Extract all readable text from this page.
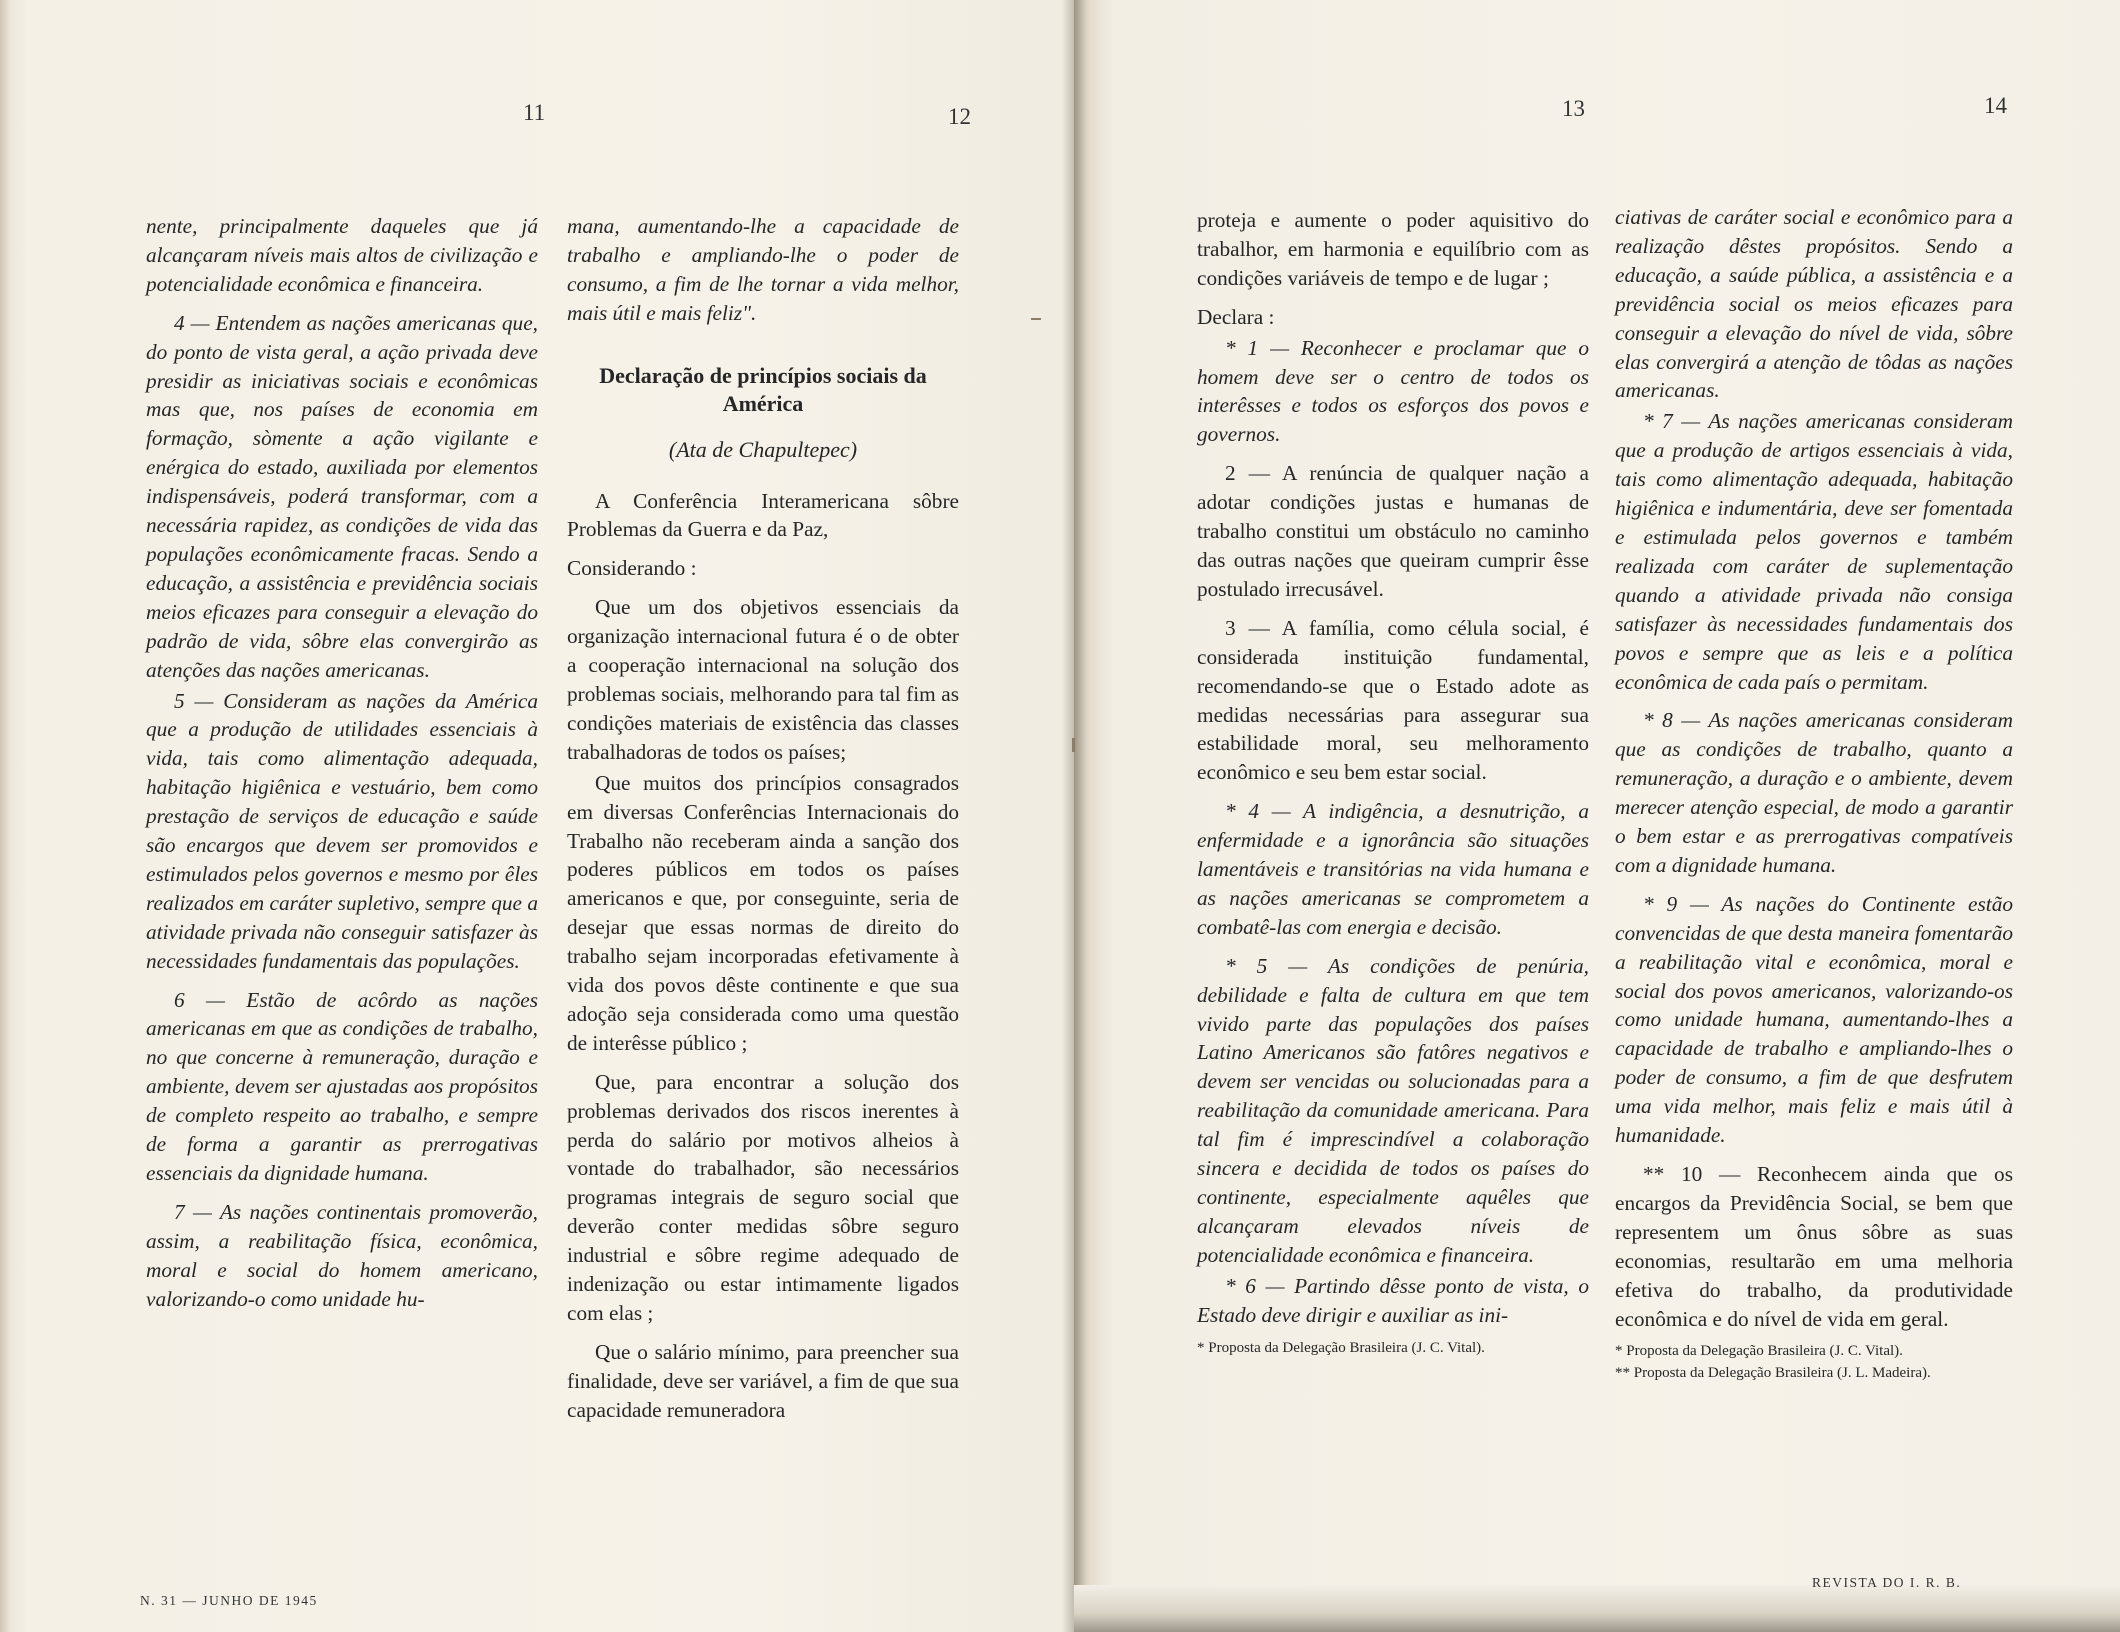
11	12	13	14

nente, principalmente daqueles que já alcançaram níveis mais altos de civilização e potencialidade econômica e financeira.

4 — Entendem as nações americanas que, do ponto de vista geral, a ação privada deve presidir as iniciativas sociais e econômicas mas que, nos países de economia em formação, sòmente a ação vigilante e enérgica do estado, auxiliada por elementos indispensáveis, poderá transformar, com a necessária rapidez, as condições de vida das populações econômicamente fracas. Sendo a educação, a assistência e previdência sociais meios eficazes para conseguir a elevação do padrão de vida, sôbre elas convergirão as atenções das nações americanas.

5 — Consideram as nações da América que a produção de utilidades essenciais à vida, tais como alimentação adequada, habitação higiênica e vestuário, bem como prestação de serviços de educação e saúde são encargos que devem ser promovidos e estimulados pelos governos e mesmo por êles realizados em caráter supletivo, sempre que a atividade privada não conseguir satisfazer às necessidades fundamentais das populações.

6 — Estão de acôrdo as nações americanas em que as condições de trabalho, no que concerne à remuneração, duração e ambiente, devem ser ajustadas aos propósitos de completo respeito ao trabalho, e sempre de forma a garantir as prerrogativas essenciais da dignidade humana.

7 — As nações continentais promoverão, assim, a reabilitação física, econômica, moral e social do homem americano, valorizando-o como unidade hu-

mana, aumentando-lhe a capacidade de trabalho e ampliando-lhe o poder de consumo, a fim de lhe tornar a vida melhor, mais útil e mais feliz".

Declaração de princípios sociais da América

(Ata de Chapultepec)

A Conferência Interamericana sôbre Problemas da Guerra e da Paz,

Considerando :

Que um dos objetivos essenciais da organização internacional futura é o de obter a cooperação internacional na solução dos problemas sociais, melhorando para tal fim as condições materiais de existência das classes trabalhadoras de todos os países;

Que muitos dos princípios consagrados em diversas Conferências Internacionais do Trabalho não receberam ainda a sanção dos poderes públicos em todos os países americanos e que, por conseguinte, seria de desejar que essas normas de direito do trabalho sejam incorporadas efetivamente à vida dos povos dêste continente e que sua adoção seja considerada como uma questão de interêsse público ;

Que, para encontrar a solução dos problemas derivados dos riscos inerentes à perda do salário por motivos alheios à vontade do trabalhador, são necessários programas integrais de seguro social que deverão conter medidas sôbre seguro industrial e sôbre regime adequado de indenização ou estar intimamente ligados com elas ;

Que o salário mínimo, para preencher sua finalidade, deve ser variável, a fim de que sua capacidade remuneradora

proteja e aumente o poder aquisitivo do trabalhor, em harmonia e equilíbrio com as condições variáveis de tempo e de lugar ;

Declara :

* 1 — Reconhecer e proclamar que o homem deve ser o centro de todos os interêsses e todos os esforços dos povos e governos.

2 — A renúncia de qualquer nação a adotar condições justas e humanas de trabalho constitui um obstáculo no caminho das outras nações que queiram cumprir êsse postulado irrecusável.

3 — A família, como célula social, é considerada instituição fundamental, recomendando-se que o Estado adote as medidas necessárias para assegurar sua estabilidade moral, seu melhoramento econômico e seu bem estar social.

* 4 — A indigência, a desnutrição, a enfermidade e a ignorância são situações lamentáveis e transitórias na vida humana e as nações americanas se comprometem a combatê-las com energia e decisão.

* 5 — As condições de penúria, debilidade e falta de cultura em que tem vivido parte das populações dos países Latino Americanos são fatôres negativos e devem ser vencidas ou solucionadas para a reabilitação da comunidade americana. Para tal fim é imprescindível a colaboração sincera e decidida de todos os países do continente, especialmente aquêles que alcançaram elevados níveis de potencialidade econômica e financeira.

* 6 — Partindo dêsse ponto de vista, o Estado deve dirigir e auxiliar as ini-

* Proposta da Delegação Brasileira (J. C. Vital).

ciativas de caráter social e econômico para a realização dêstes propósitos. Sendo a educação, a saúde pública, a assistência e a previdência social os meios eficazes para conseguir a elevação do nível de vida, sôbre elas convergirá a atenção de tôdas as nações americanas.

* 7 — As nações americanas consideram que a produção de artigos essenciais à vida, tais como alimentação adequada, habitação higiênica e indumentária, deve ser fomentada e estimulada pelos governos e também realizada com caráter de suplementação quando a atividade privada não consiga satisfazer às necessidades fundamentais dos povos e sempre que as leis e a política econômica de cada país o permitam.

* 8 — As nações americanas consideram que as condições de trabalho, quanto a remuneração, a duração e o ambiente, devem merecer atenção especial, de modo a garantir o bem estar e as prerrogativas compatíveis com a dignidade humana.

* 9 — As nações do Continente estão convencidas de que desta maneira fomentarão a reabilitação vital e econômica, moral e social dos povos americanos, valorizando-os como unidade humana, aumentando-lhes a capacidade de trabalho e ampliando-lhes o poder de consumo, a fim de que desfrutem uma vida melhor, mais feliz e mais útil à humanidade.

** 10 — Reconhecem ainda que os encargos da Previdência Social, se bem que representem um ônus sôbre as suas economias, resultarão em uma melhoria efetiva do trabalho, da produtividade econômica e do nível de vida em geral.

* Proposta da Delegação Brasileira (J. C. Vital).

** Proposta da Delegação Brasileira (J. L. Madeira).

N. 31 — JUNHO DE 1945
REVISTA DO I. R. B.
